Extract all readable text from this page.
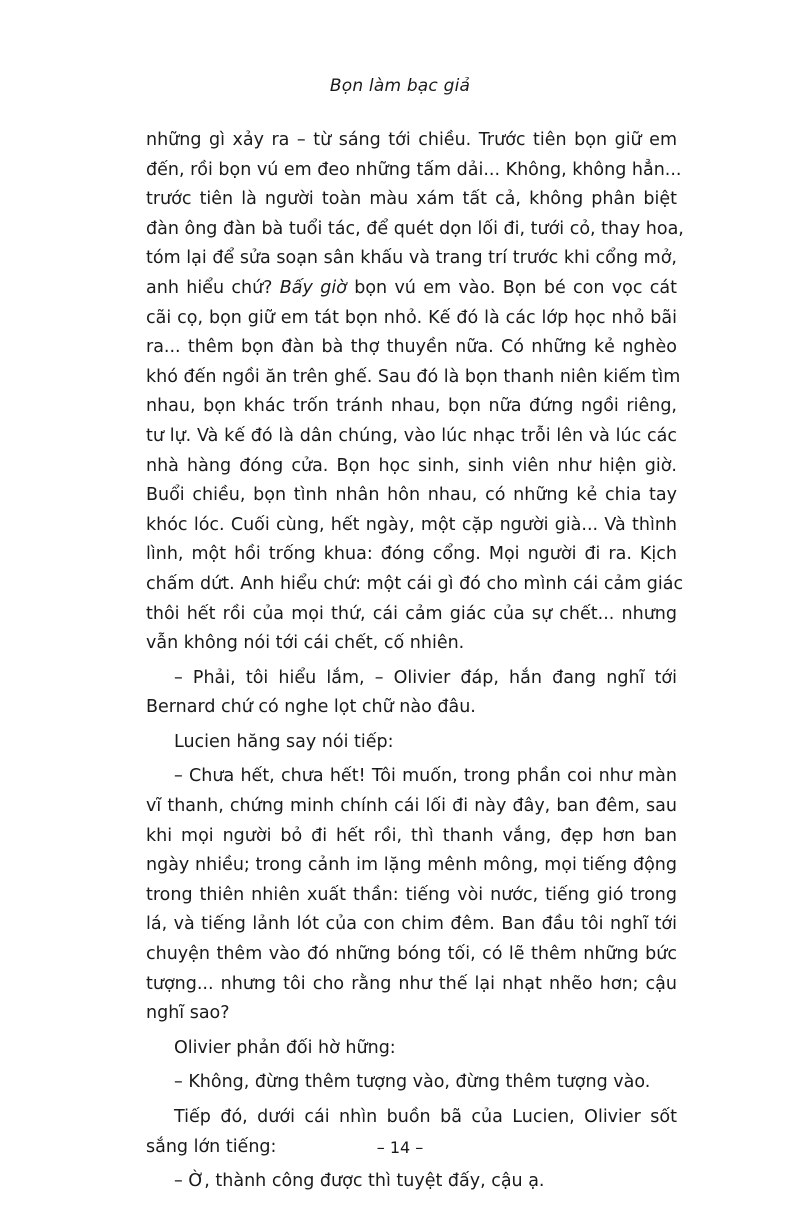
Bọn làm bạc giả

những gì xảy ra – từ sáng tới chiều. Trước tiên bọn giữ em
đến, rồi bọn vú em đeo những tấm dải... Không, không hẳn...
trước tiên là người toàn màu xám tất cả, không phân biệt
đàn ông đàn bà tuổi tác, để quét dọn lối đi, tưới cỏ, thay hoa,
tóm lại để sửa soạn sân khấu và trang trí trước khi cổng mở,
anh hiểu chứ? Bấy giờ bọn vú em vào. Bọn bé con vọc cát
cãi cọ, bọn giữ em tát bọn nhỏ. Kế đó là các lớp học nhỏ bãi
ra... thêm bọn đàn bà thợ thuyền nữa. Có những kẻ nghèo
khó đến ngồi ăn trên ghế. Sau đó là bọn thanh niên kiếm tìm
nhau, bọn khác trốn tránh nhau, bọn nữa đứng ngồi riêng,
tư lự. Và kế đó là dân chúng, vào lúc nhạc trỗi lên và lúc các
nhà hàng đóng cửa. Bọn học sinh, sinh viên như hiện giờ.
Buổi chiều, bọn tình nhân hôn nhau, có những kẻ chia tay
khóc lóc. Cuối cùng, hết ngày, một cặp người già... Và thình
lình, một hồi trống khua: đóng cổng. Mọi người đi ra. Kịch
chấm dứt. Anh hiểu chứ: một cái gì đó cho mình cái cảm giác
thôi hết rồi của mọi thứ, cái cảm giác của sự chết... nhưng
vẫn không nói tới cái chết, cố nhiên.

– Phải, tôi hiểu lắm, – Olivier đáp, hắn đang nghĩ tới
Bernard chứ có nghe lọt chữ nào đâu.

Lucien hăng say nói tiếp:

– Chưa hết, chưa hết! Tôi muốn, trong phần coi như màn
vĩ thanh, chứng minh chính cái lối đi này đây, ban đêm, sau
khi mọi người bỏ đi hết rồi, thì thanh vắng, đẹp hơn ban
ngày nhiều; trong cảnh im lặng mênh mông, mọi tiếng động
trong thiên nhiên xuất thần: tiếng vòi nước, tiếng gió trong
lá, và tiếng lảnh lót của con chim đêm. Ban đầu tôi nghĩ tới
chuyện thêm vào đó những bóng tối, có lẽ thêm những bức
tượng... nhưng tôi cho rằng như thế lại nhạt nhẽo hơn; cậu
nghĩ sao?

Olivier phản đối hờ hững:

– Không, đừng thêm tượng vào, đừng thêm tượng vào.

Tiếp đó, dưới cái nhìn buồn bã của Lucien, Olivier sốt
sắng lớn tiếng:

– Ờ, thành công được thì tuyệt đấy, cậu ạ.

– 14 –
